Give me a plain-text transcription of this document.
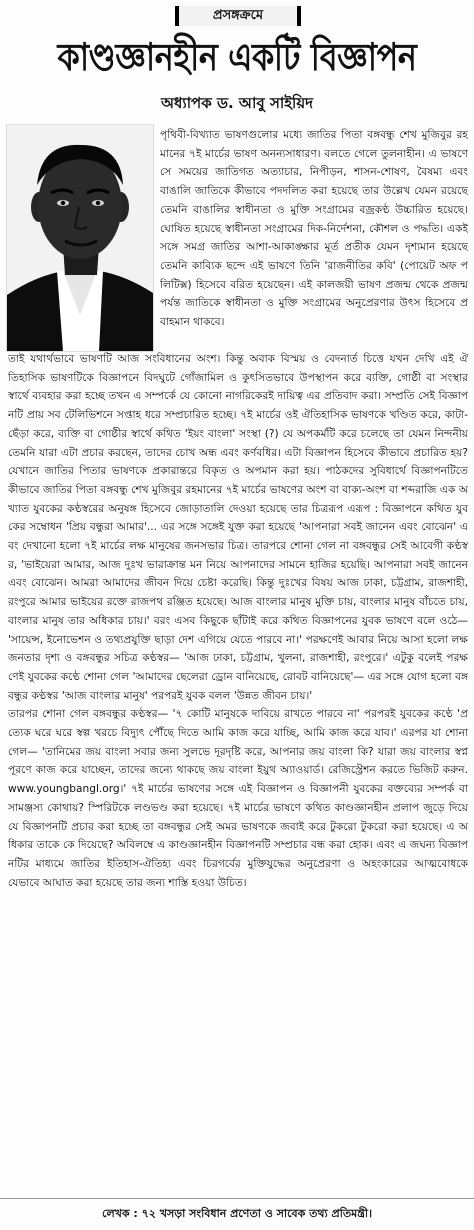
প্রসঙ্গক্রমে
কাণ্ডজ্ঞানহীন একটি বিজ্ঞাপন
অধ্যাপক ড. আবু সাইয়িদ

পৃথিবী-বিখ্যাত ভাষণগুলোর মধ্যে জাতির পিতা বঙ্গবন্ধু শেখ মুজিবুর রহমানের ৭ই মার্চের ভাষণ অনন্যসাধারণ। বলতে গেলে তুলনাহীন। এ ভাষণে সে সময়ের জাতিগত অত্যাচার, নিপীড়ন, শাসন-শোষণ, বৈষম্য এবং বাঙালি জাতিকে কীভাবে পদদলিত করা হয়েছে তার উল্লেখ যেমন রয়েছে তেমনি বাঙালির স্বাধীনতা ও মুক্তি সংগ্রামের বজ্রকণ্ঠ উচ্চারিত হয়েছে। ঘোষিত হয়েছে স্বাধীনতা সংগ্রামের দিক-নির্দেশনা, কৌশল ও পদ্ধতি। একইসঙ্গে সমগ্র জাতির আশা-আকাঙ্ক্ষার মূর্ত প্রতীক যেমন দৃশ্যমান হয়েছে তেমনি কাব্যিক ছন্দে এই ভাষণে তিনি 'রাজনীতির কবি' (পোয়েট অফ পলিটিক্স) হিসেবে বরিত হয়েছেন। এই কালজয়ী ভাষণ প্রজন্ম থেকে প্রজন্ম পর্যন্ত জাতিকে স্বাধীনতা ও মুক্তি সংগ্রামের অনুপ্রেরণার উৎস হিসেবে প্রবাহমান থাকবে।

তাই যথার্থভাবে ভাষণটি আজ সংবিধানের অংশ। কিন্তু অবাক বিস্ময় ও বেদনার্ত চিত্তে যখন দেখি এই ঐতিহাসিক ভাষণটিকে বিজ্ঞাপনে বিদঘুটে গোঁজামিল ও কুৎসিতভাবে উপস্থাপন করে ব্যক্তি, গোষ্ঠী বা সংস্থার স্বার্থে ব্যবহার করা হচ্ছে তখন এ সম্পর্কে যে কোনো নাগরিকেরই দায়িত্ব এর প্রতিবাদ করা। সম্প্রতি সেই বিজ্ঞাপনটি প্রায় সব টেলিভিশনে সপ্তাহ ধরে সম্প্রচারিত হচ্ছে। ৭ই মার্চের ওই ঐতিহাসিক ভাষণকে খণ্ডিত করে, কাটা-ছেঁড়া করে, ব্যক্তি বা গোষ্ঠীর স্বার্থে কথিত 'ইয়ং বাংলা' সংস্থা (?) যে অপকর্মটি করে চলেছে তা যেমন নিন্দনীয় তেমনি যারা এটা প্রচার করছেন, তাদের চোখ অন্ধ এবং কর্ণবধির। এটা বিজ্ঞাপন হিসেবে কীভাবে প্রচারিত হয়? যেখানে জাতির পিতার ভাষণকে প্রকারান্তরে বিকৃত ও অপমান করা হয়। পাঠকদের সুবিধার্থে বিজ্ঞাপনটিতে কীভাবে জাতির পিতা বঙ্গবন্ধু শেখ মুজিবুর রহমানের ৭ই মার্চের ভাষণের অংশ বা বাক্য-অংশ বা শব্দরাজি এক অখ্যাত যুবকের কণ্ঠস্বরের অনুষঙ্গ হিসেবে জোড়াতালি দেওয়া হয়েছে তার চিত্ররূপ এরূপ : বিজ্ঞাপনে কথিত যুবকের সম্বোধন 'প্রিয় বন্ধুরা আমার'... এর সঙ্গে সঙ্গেই যুক্ত করা হয়েছে 'আপনারা সবই জানেন এবং বোঝেন' এবং দেখানো হলো ৭ই মার্চের লক্ষ মানুষের জনসভার চিত্র। তারপরে শোনা গেল না বঙ্গবন্ধুর সেই আবেগী কণ্ঠস্বর, 'ভাইয়েরা আমার, আজ দুঃখ ভারাক্রান্ত মন নিয়ে আপনাদের সামনে হাজির হয়েছি। আপনারা সবই জানেন এবং বোঝেন। আমরা আমাদের জীবন দিয়ে চেষ্টা করেছি। কিন্তু দুঃখের বিষয় আজ ঢাকা, চট্টগ্রাম, রাজশাহী, রংপুরে আমার ভাইয়ের রক্তে রাজপথ রঞ্জিত হয়েছে। আজ বাংলার মানুষ মুক্তি চায়, বাংলার মানুষ বাঁচতে চায়, বাংলার মানুষ তার অধিকার চায়।' বরং এসব কিছুকে ছাঁটাই করে কথিত বিজ্ঞাপনের যুবক ভাষণে বলে ওঠে— 'সায়েন্স, ইনোভেশন ও তথ্যপ্রযুক্তি ছাড়া দেশ এগিয়ে যেতে পারবে না।' পরক্ষণেই আবার নিয়ে আসা হলো লক্ষ জনতার দৃশ্য ও বঙ্গবন্ধুর সচিত্র কণ্ঠস্বর— 'আজ ঢাকা, চট্টগ্রাম, খুলনা, রাজশাহী, রংপুরে।' এটুকু বলেই পরক্ষণেই যুবকের কণ্ঠে শোনা গেল 'আমাদের ছেলেরা ড্রোন বানিয়েছে, রোবট বানিয়েছে'— এর সঙ্গে যোগ হলো বঙ্গবন্ধুর কণ্ঠস্বর 'আজ বাংলার মানুষ' পরপরই যুবক বলল 'উন্নত জীবন চায়।'

তারপর শোনা গেল বঙ্গবন্ধুর কণ্ঠস্বর— '৭ কোটি মানুষকে দাবিয়ে রাখতে পারবে না' পরপরই যুবকের কণ্ঠে 'প্রত্যেক ঘরে ঘরে স্বল্প খরচে বিদ্যুৎ পৌঁছে দিতে আমি কাজ করে যাচ্ছি, আমি কাজ করে যাব।' এরপর যা শোনা গেল— 'তানিমের জয় বাংলা সবার জন্য সুলভে দূরদৃষ্টি করে, আপনার জয় বাংলা কি? যারা জয় বাংলার স্বপ্ন পূরণে কাজ করে যাচ্ছেন, তাদের জন্যে থাকছে জয় বাংলা ইয়ুথ অ্যাওয়ার্ড। রেজিস্ট্রেশন করতে ভিজিট করুন. www.youngbangl.org।' ৭ই মার্চের ভাষণের সঙ্গে এই বিজ্ঞাপন ও বিজ্ঞাপনী যুবকের বক্তব্যের সম্পর্ক বা সামঞ্জস্য কোথায়? স্পিরিটকে লণ্ডভণ্ড করা হয়েছে। ৭ই মার্চের ভাষণে কথিত কাণ্ডজ্ঞানহীন প্রলাপ জুড়ে দিয়ে যে বিজ্ঞাপনটি প্রচার করা হচ্ছে তা বঙ্গবন্ধুর সেই অমর ভাষণকে জবাই করে টুকরো টুকরো করা হয়েছে। এ অধিকার তাকে কে দিয়েছে? অবিলম্বে এ কাণ্ডজ্ঞানহীন বিজ্ঞাপনটি সম্প্রচার বন্ধ করা হোক। এবং এ জঘন্য বিজ্ঞাপনটির মাধ্যমে জাতির ইতিহাস-ঐতিহ্য এবং চিরগর্বের মুক্তিযুদ্ধের অনুপ্রেরণা ও অহংকারের আত্মবোধকে যেভাবে আঘাত করা হয়েছে তার জন্য শাস্তি হওয়া উচিত।

লেখক : ৭২ খসড়া সংবিধান প্রণেতা ও সাবেক তথ্য প্রতিমন্ত্রী।
